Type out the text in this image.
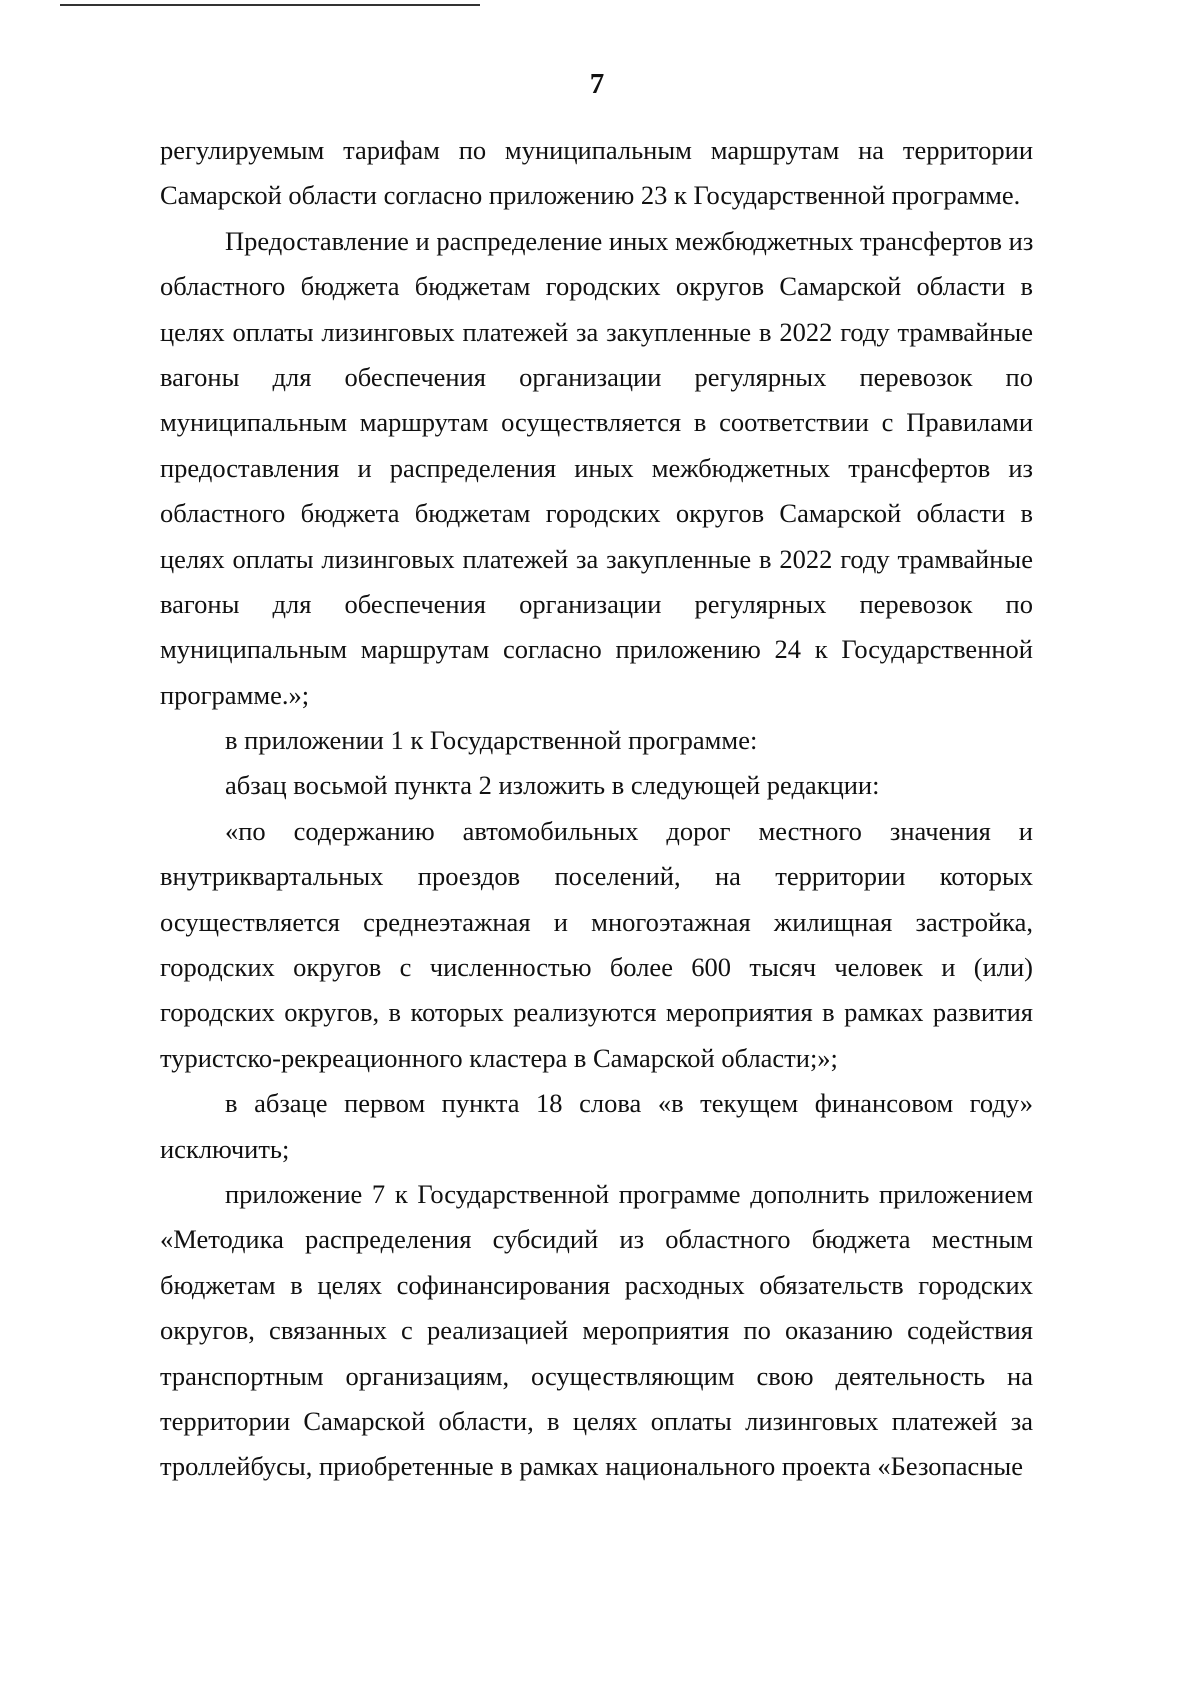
7
регулируемым тарифам по муниципальным маршрутам на территории
Самарской области согласно приложению 23 к Государственной программе.
Предоставление и распределение иных межбюджетных трансфертов из
областного бюджета бюджетам городских округов Самарской области в
целях оплаты лизинговых платежей за закупленные в 2022 году трамвайные
вагоны для обеспечения организации регулярных перевозок по
муниципальным маршрутам осуществляется в соответствии с Правилами
предоставления и распределения иных межбюджетных трансфертов из
областного бюджета бюджетам городских округов Самарской области в
целях оплаты лизинговых платежей за закупленные в 2022 году трамвайные
вагоны для обеспечения организации регулярных перевозок по
муниципальным маршрутам согласно приложению 24 к Государственной
программе.»;
в приложении 1 к Государственной программе:
абзац восьмой пункта 2 изложить в следующей редакции:
«по содержанию автомобильных дорог местного значения и
внутриквартальных проездов поселений, на территории которых
осуществляется среднеэтажная и многоэтажная жилищная застройка,
городских округов с численностью более 600 тысяч человек и (или)
городских округов, в которых реализуются мероприятия в рамках развития
туристско-рекреационного кластера в Самарской области;»;
в абзаце первом пункта 18 слова «в текущем финансовом году»
исключить;
приложение 7 к Государственной программе дополнить приложением
«Методика распределения субсидий из областного бюджета местным
бюджетам в целях софинансирования расходных обязательств городских
округов, связанных с реализацией мероприятия по оказанию содействия
транспортным организациям, осуществляющим свою деятельность на
территории Самарской области, в целях оплаты лизинговых платежей за
троллейбусы, приобретенные в рамках национального проекта «Безопасные
